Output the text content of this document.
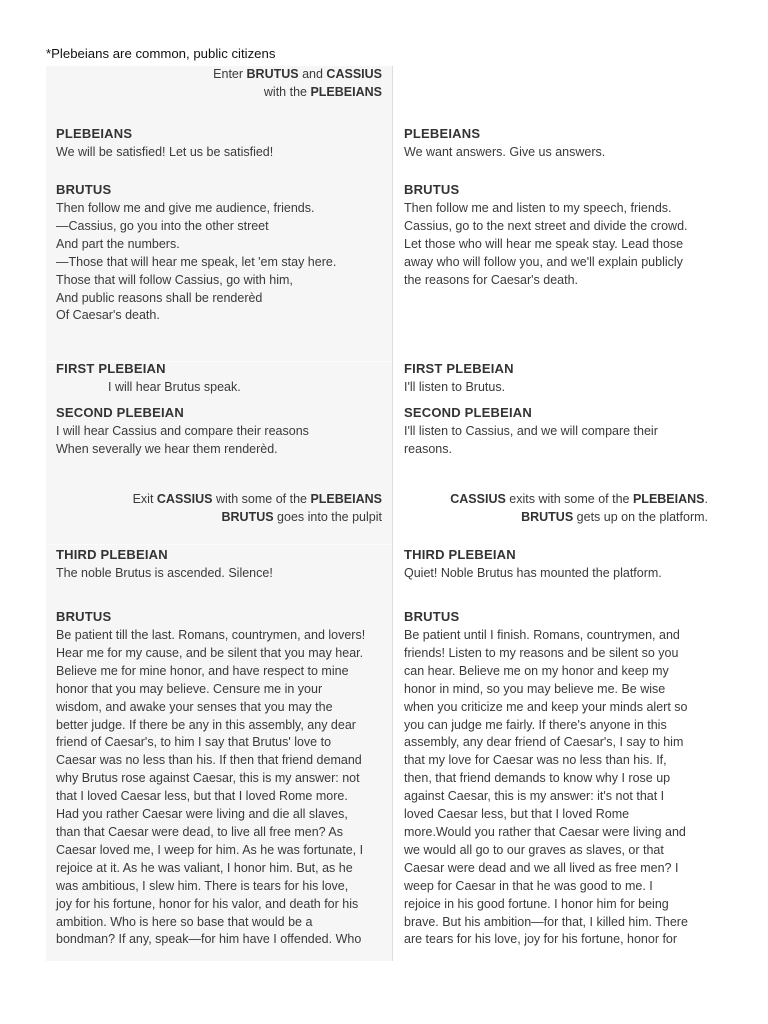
*Plebeians are common, public citizens
Enter BRUTUS and CASSIUS
with the PLEBEIANS
PLEBEIANS
We will be satisfied! Let us be satisfied!
BRUTUS
Then follow me and give me audience, friends.
—Cassius, go you into the other street
And part the numbers.
—Those that will hear me speak, let 'em stay here.
Those that will follow Cassius, go with him,
And public reasons shall be renderèd
Of Caesar's death.
FIRST PLEBEIAN
I will hear Brutus speak.
SECOND PLEBEIAN
I will hear Cassius and compare their reasons
When severally we hear them renderèd.
Exit CASSIUS with some of the PLEBEIANS
BRUTUS goes into the pulpit
THIRD PLEBEIAN
The noble Brutus is ascended. Silence!
BRUTUS
Be patient till the last. Romans, countrymen, and lovers!
Hear me for my cause, and be silent that you may hear.
Believe me for mine honor, and have respect to mine
honor that you may believe. Censure me in your
wisdom, and awake your senses that you may the
better judge. If there be any in this assembly, any dear
friend of Caesar's, to him I say that Brutus' love to
Caesar was no less than his. If then that friend demand
why Brutus rose against Caesar, this is my answer: not
that I loved Caesar less, but that I loved Rome more.
Had you rather Caesar were living and die all slaves,
than that Caesar were dead, to live all free men? As
Caesar loved me, I weep for him. As he was fortunate, I
rejoice at it. As he was valiant, I honor him. But, as he
was ambitious, I slew him. There is tears for his love,
joy for his fortune, honor for his valor, and death for his
ambition. Who is here so base that would be a
bondman? If any, speak—for him have I offended. Who
PLEBEIANS
We want answers. Give us answers.
BRUTUS
Then follow me and listen to my speech, friends.
Cassius, go to the next street and divide the crowd.
Let those who will hear me speak stay. Lead those
away who will follow you, and we'll explain publicly
the reasons for Caesar's death.
FIRST PLEBEIAN
I'll listen to Brutus.
SECOND PLEBEIAN
I'll listen to Cassius, and we will compare their
reasons.
CASSIUS exits with some of the PLEBEIANS.
BRUTUS gets up on the platform.
THIRD PLEBEIAN
Quiet! Noble Brutus has mounted the platform.
BRUTUS
Be patient until I finish. Romans, countrymen, and
friends! Listen to my reasons and be silent so you
can hear. Believe me on my honor and keep my
honor in mind, so you may believe me. Be wise
when you criticize me and keep your minds alert so
you can judge me fairly. If there's anyone in this
assembly, any dear friend of Caesar's, I say to him
that my love for Caesar was no less than his. If,
then, that friend demands to know why I rose up
against Caesar, this is my answer: it's not that I
loved Caesar less, but that I loved Rome
more.Would you rather that Caesar were living and
we would all go to our graves as slaves, or that
Caesar were dead and we all lived as free men? I
weep for Caesar in that he was good to me. I
rejoice in his good fortune. I honor him for being
brave. But his ambition—for that, I killed him. There
are tears for his love, joy for his fortune, honor for
